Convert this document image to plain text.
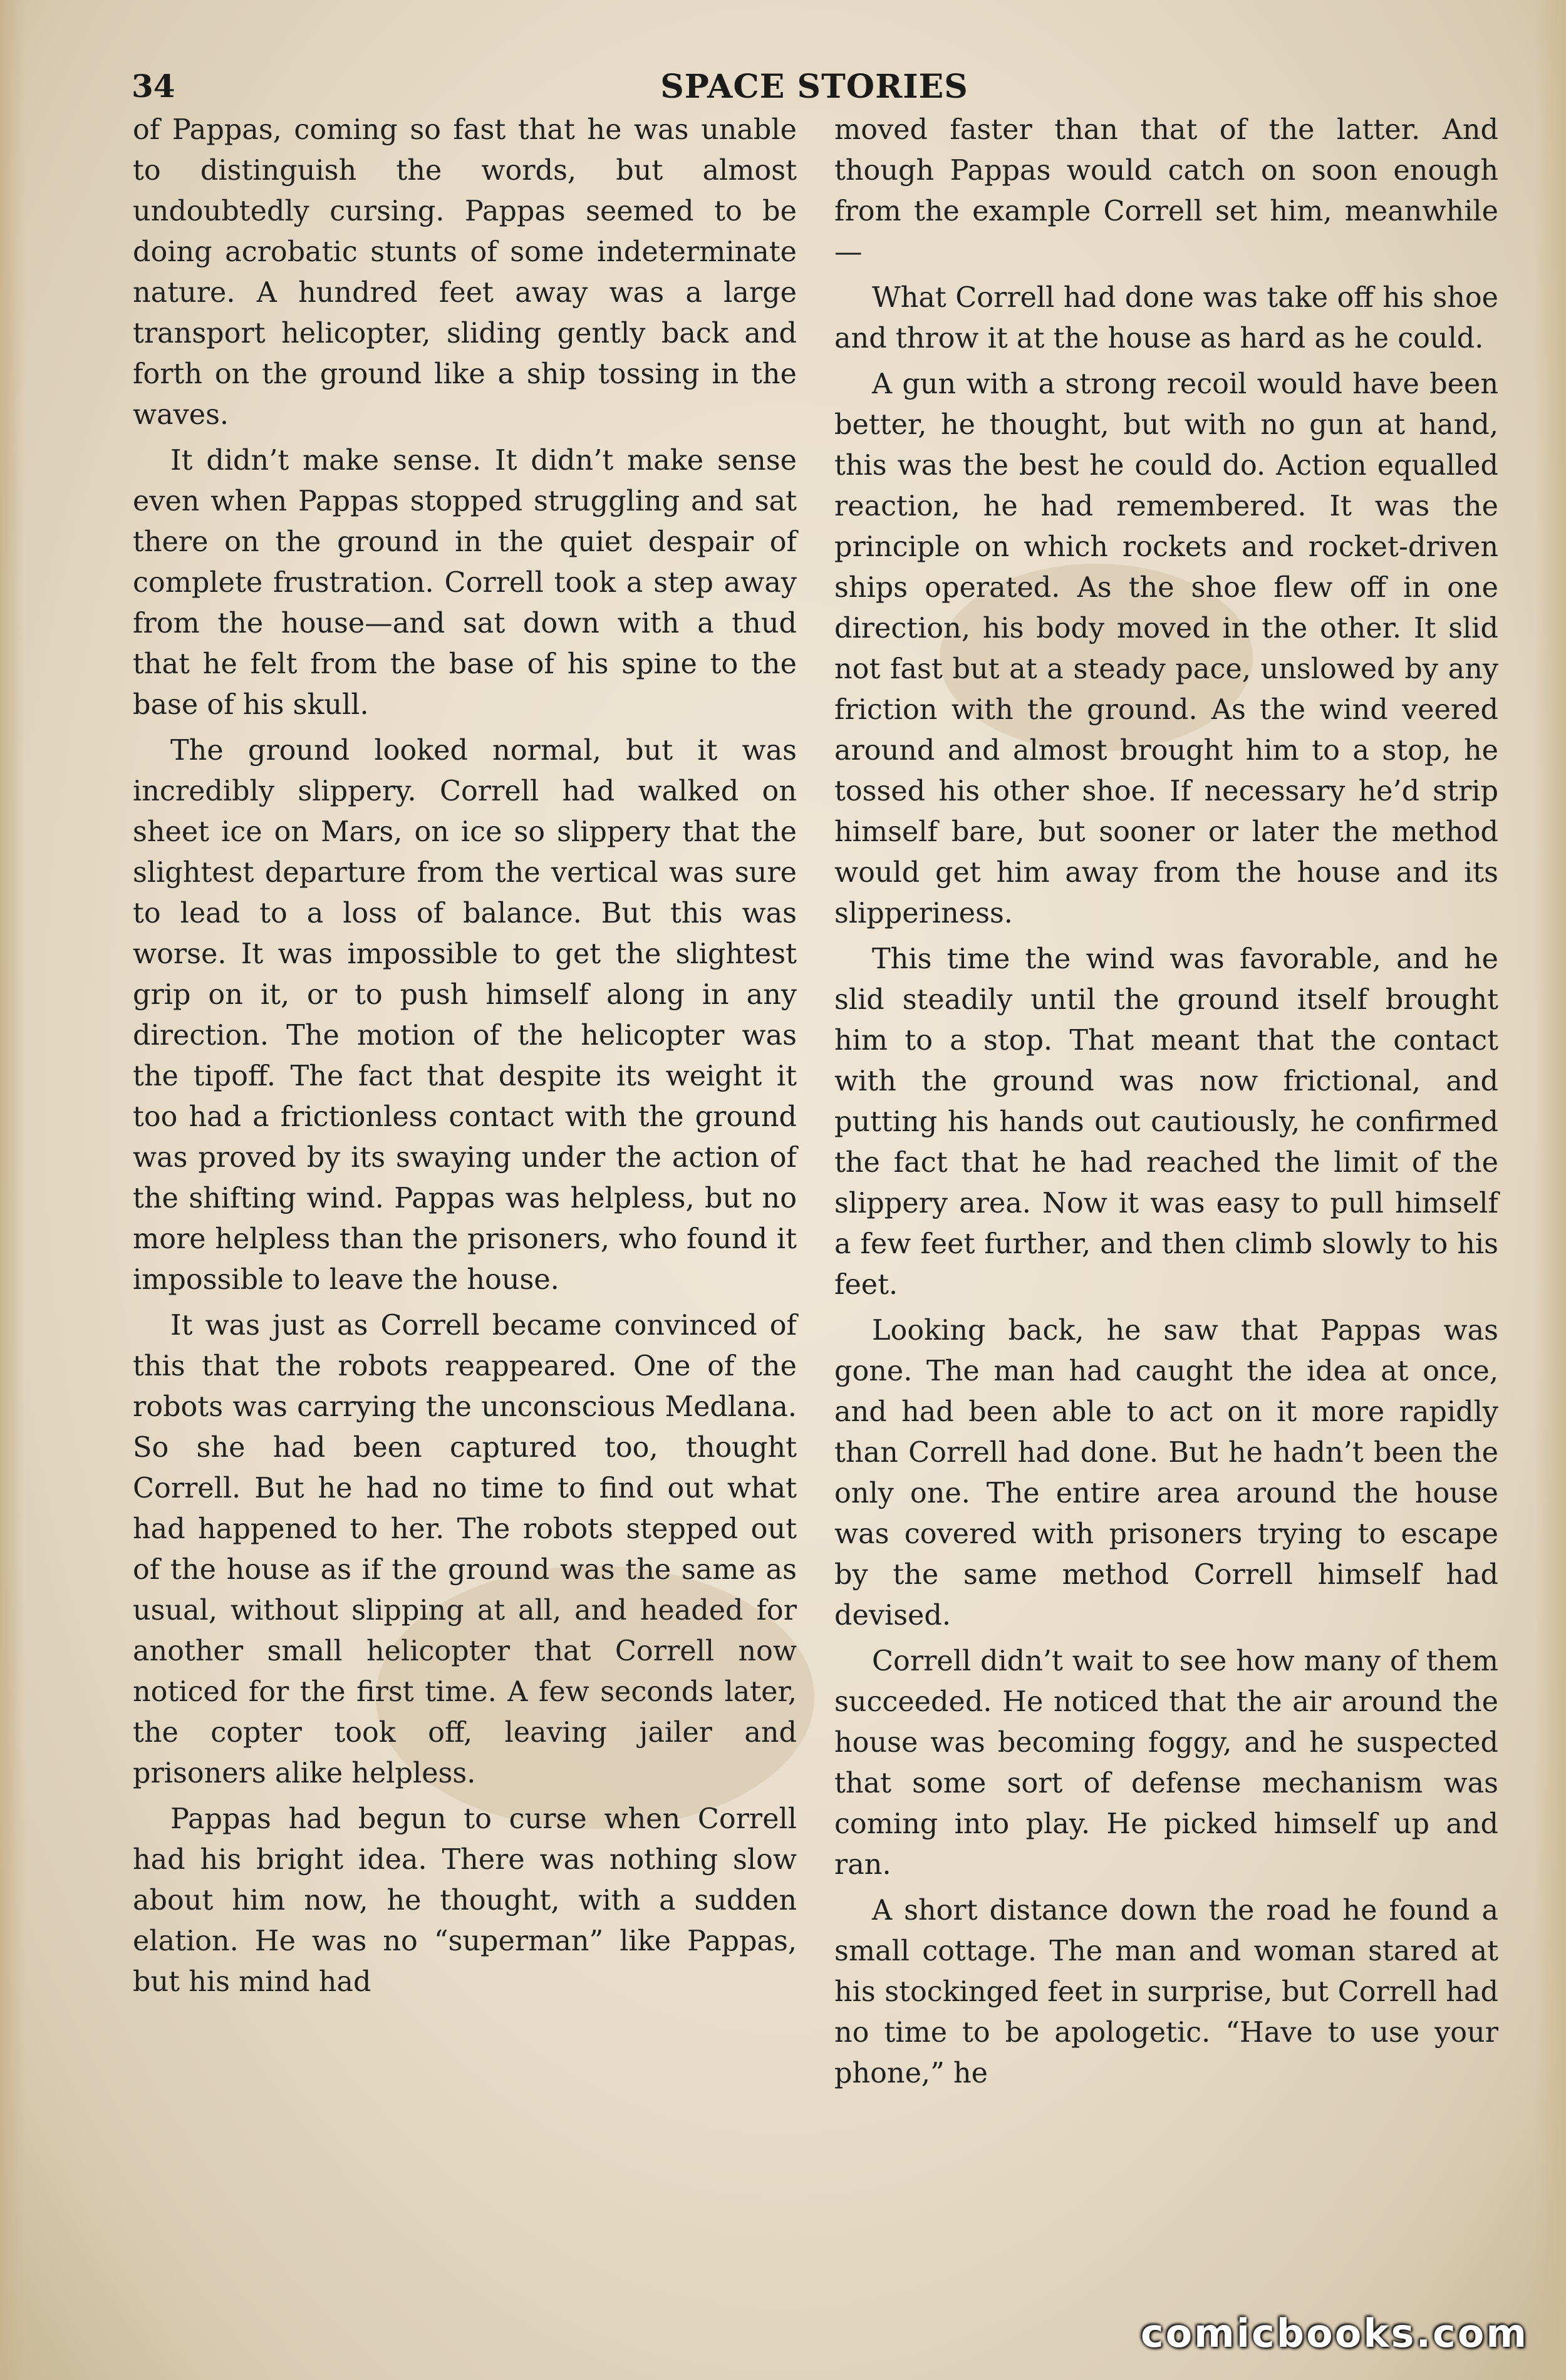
34	SPACE STORIES

of Pappas, coming so fast that he was unable to distinguish the words, but almost undoubtedly cursing. Pappas seemed to be doing acrobatic stunts of some indeterminate nature. A hundred feet away was a large transport helicopter, sliding gently back and forth on the ground like a ship tossing in the waves.

It didn’t make sense. It didn’t make sense even when Pappas stopped struggling and sat there on the ground in the quiet despair of complete frustration. Correll took a step away from the house—and sat down with a thud that he felt from the base of his spine to the base of his skull.

The ground looked normal, but it was incredibly slippery. Correll had walked on sheet ice on Mars, on ice so slippery that the slightest departure from the vertical was sure to lead to a loss of balance. But this was worse. It was impossible to get the slightest grip on it, or to push himself along in any direction. The motion of the helicopter was the tipoff. The fact that despite its weight it too had a frictionless contact with the ground was proved by its swaying under the action of the shifting wind. Pappas was helpless, but no more helpless than the prisoners, who found it impossible to leave the house.

It was just as Correll became convinced of this that the robots reappeared. One of the robots was carrying the unconscious Medlana. So she had been captured too, thought Correll. But he had no time to find out what had happened to her. The robots stepped out of the house as if the ground was the same as usual, without slipping at all, and headed for another small helicopter that Correll now noticed for the first time. A few seconds later, the copter took off, leaving jailer and prisoners alike helpless.

Pappas had begun to curse when Correll had his bright idea. There was nothing slow about him now, he thought, with a sudden elation. He was no “superman” like Pappas, but his mind had

moved faster than that of the latter. And though Pappas would catch on soon enough from the example Correll set him, meanwhile—

What Correll had done was take off his shoe and throw it at the house as hard as he could.

A gun with a strong recoil would have been better, he thought, but with no gun at hand, this was the best he could do. Action equalled reaction, he had remembered. It was the principle on which rockets and rocket-driven ships operated. As the shoe flew off in one direction, his body moved in the other. It slid not fast but at a steady pace, unslowed by any friction with the ground. As the wind veered around and almost brought him to a stop, he tossed his other shoe. If necessary he’d strip himself bare, but sooner or later the method would get him away from the house and its slipperiness.

This time the wind was favorable, and he slid steadily until the ground itself brought him to a stop. That meant that the contact with the ground was now frictional, and putting his hands out cautiously, he confirmed the fact that he had reached the limit of the slippery area. Now it was easy to pull himself a few feet further, and then climb slowly to his feet.

Looking back, he saw that Pappas was gone. The man had caught the idea at once, and had been able to act on it more rapidly than Correll had done. But he hadn’t been the only one. The entire area around the house was covered with prisoners trying to escape by the same method Correll himself had devised.

Correll didn’t wait to see how many of them succeeded. He noticed that the air around the house was becoming foggy, and he suspected that some sort of defense mechanism was coming into play. He picked himself up and ran.

A short distance down the road he found a small cottage. The man and woman stared at his stockinged feet in surprise, but Correll had no time to be apologetic. “Have to use your phone,” he

comicbooks.com
